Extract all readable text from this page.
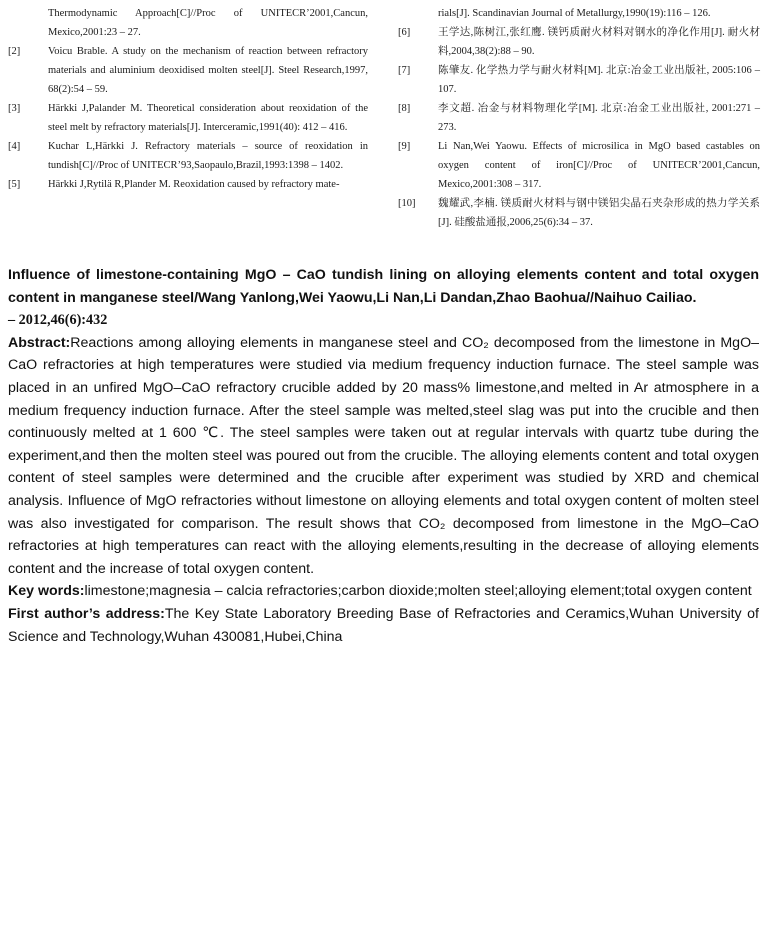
Thermodynamic Approach[C]//Proc of UNITECR’2001,Cancun, Mexico,2001:23 – 27.
[2]	Voicu Brable. A study on the mechanism of reaction between refractory materials and aluminium deoxidised molten steel[J]. Steel Research,1997, 68(2):54 – 59.
[3]	Härkki J,Palander M. Theoretical consideration about reoxidation of the steel melt by refractory materials[J]. Interceramic,1991(40): 412 – 416.
[4]	Kuchar L,Härkki J. Refractory materials – source of reoxidation in tundish[C]//Proc of UNITECR’93,Saopaulo,Brazil,1993:1398 – 1402.
[5]	Härkki J,Rytilä R,Plander M. Reoxidation caused by refractory mate-
rials[J]. Scandinavian Journal of Metallurgy,1990(19):116 – 126.
[6]	王学达,陈树江,张红鹰. 镁钙质耐火材料对钢水的净化作用[J]. 耐火材料,2004,38(2):88 – 90.
[7]	陈肇友. 化学热力学与耐火材料[M]. 北京:冶金工业出版社, 2005:106 – 107.
[8]	李文超. 冶金与材料物理化学[M]. 北京:冶金工业出版社, 2001:271 – 273.
[9]	Li Nan,Wei Yaowu. Effects of microsilica in MgO based castables on oxygen content of iron[C]//Proc of UNITECR’2001,Cancun, Mexico,2001:308 – 317.
[10]	魏耀武,李楠. 镁质耐火材料与钢中镁铝尖晶石夹杂形成的热力学关系[J]. 硅酸盐通报,2006,25(6):34 – 37.

Influence of limestone-containing MgO – CaO tundish lining on alloying elements content and total oxygen content in manganese steel/Wang Yanlong,Wei Yaowu,Li Nan,Li Dandan,Zhao Baohua//Naihuo Cailiao.
– 2012,46(6):432

Abstract:Reactions among alloying elements in manganese steel and CO₂ decomposed from the limestone in MgO–CaO refractories at high temperatures were studied via medium frequency induction furnace. The steel sample was placed in an unfired MgO–CaO refractory crucible added by 20 mass% limestone,and melted in Ar atmosphere in a medium frequency induction furnace. After the steel sample was melted,steel slag was put into the crucible and then continuously melted at 1 600 ℃. The steel samples were taken out at regular intervals with quartz tube during the experiment,and then the molten steel was poured out from the crucible. The alloying elements content and total oxygen content of steel samples were determined and the crucible after experiment was studied by XRD and chemical analysis. Influence of MgO refractories without limestone on alloying elements and total oxygen content of molten steel was also investigated for comparison. The result shows that CO₂ decomposed from limestone in the MgO–CaO refractories at high temperatures can react with the alloying elements,resulting in the decrease of alloying elements content and the increase of total oxygen content.

Key words:limestone;magnesia – calcia refractories;carbon dioxide;molten steel;alloying element;total oxygen content

First author’s address:The Key State Laboratory Breeding Base of Refractories and Ceramics,Wuhan University of Science and Technology,Wuhan 430081,Hubei,China
